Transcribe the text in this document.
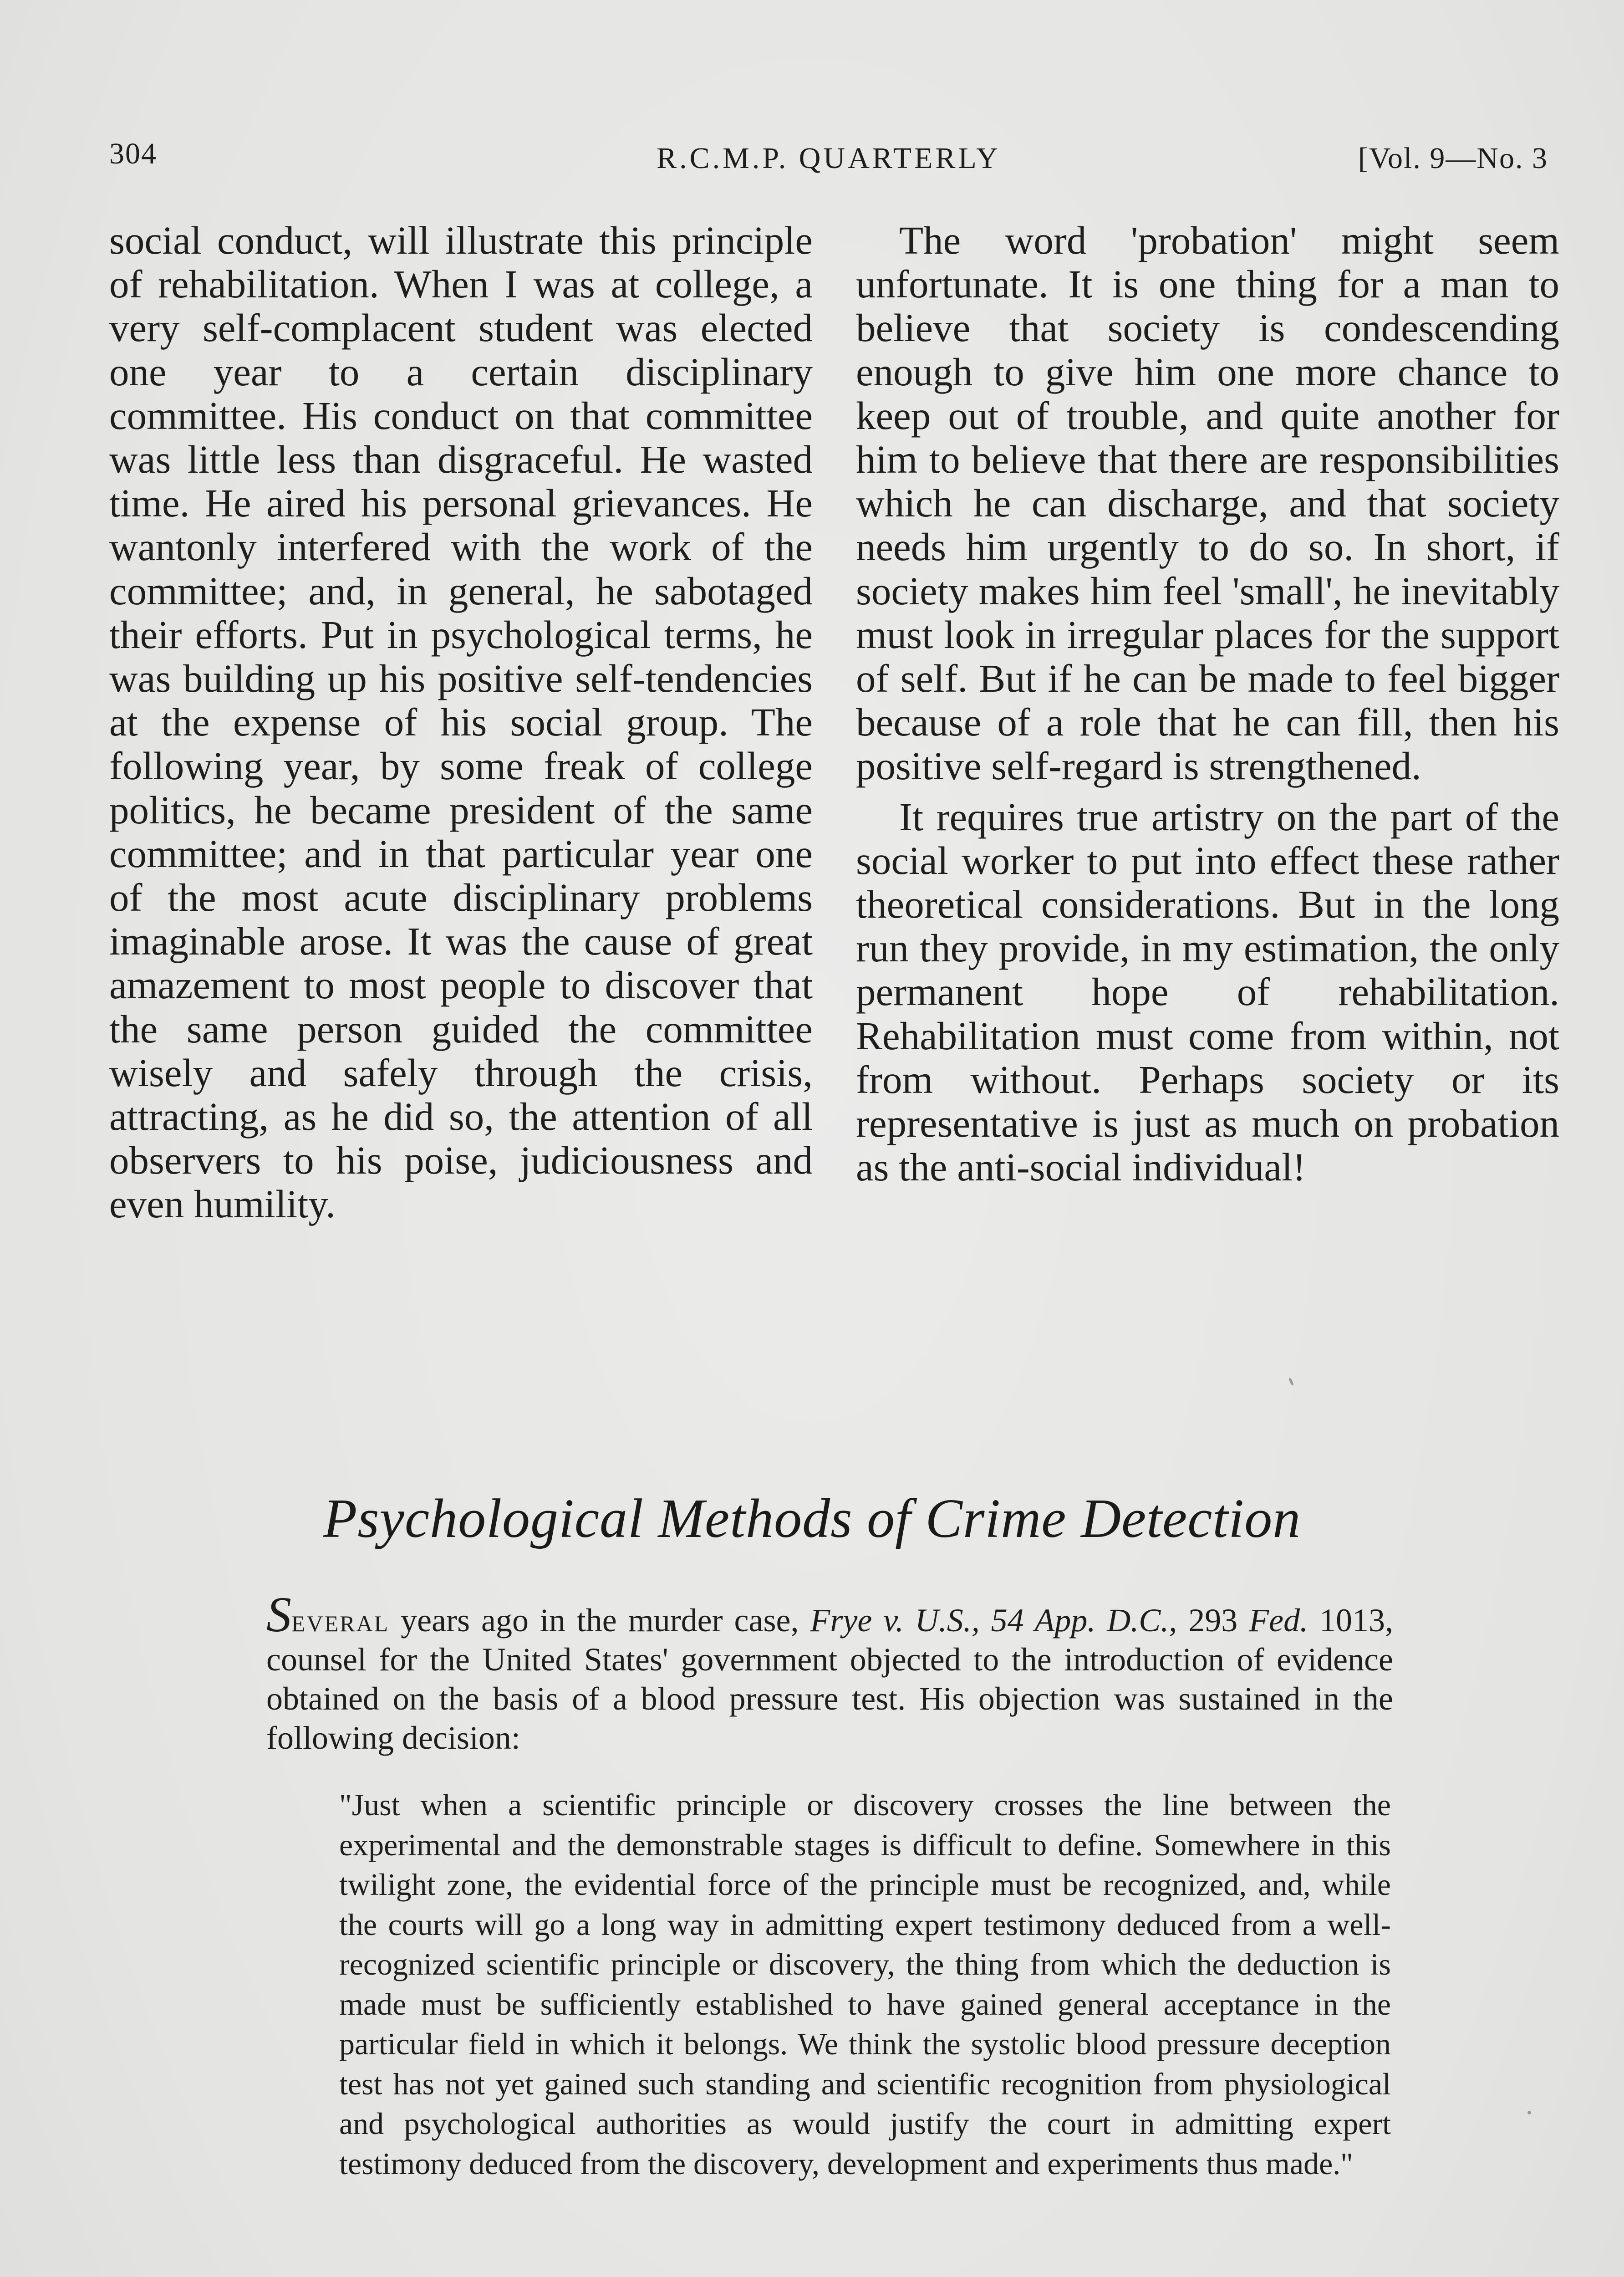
304	R.C.M.P. QUARTERLY	[Vol. 9—No. 3

social conduct, will illustrate this principle of rehabilitation. When I was at college, a very self-complacent student was elected one year to a certain disciplinary committee. His conduct on that committee was little less than disgraceful. He wasted time. He aired his personal grievances. He wantonly interfered with the work of the committee; and, in general, he sabotaged their efforts. Put in psychological terms, he was building up his positive self-tendencies at the expense of his social group. The following year, by some freak of college politics, he became president of the same committee; and in that particular year one of the most acute disciplinary problems imaginable arose. It was the cause of great amazement to most people to discover that the same person guided the committee wisely and safely through the crisis, attracting, as he did so, the attention of all observers to his poise, judiciousness and even humility.

The word 'probation' might seem unfortunate. It is one thing for a man to believe that society is condescending enough to give him one more chance to keep out of trouble, and quite another for him to believe that there are responsibilities which he can discharge, and that society needs him urgently to do so. In short, if society makes him feel 'small', he inevitably must look in irregular places for the support of self. But if he can be made to feel bigger because of a role that he can fill, then his positive self-regard is strengthened.

It requires true artistry on the part of the social worker to put into effect these rather theoretical considerations. But in the long run they provide, in my estimation, the only permanent hope of rehabilitation. Rehabilitation must come from within, not from without. Perhaps society or its representative is just as much on probation as the anti-social individual!

Psychological Methods of Crime Detection

Several years ago in the murder case, Frye v. U.S., 54 App. D.C., 293 Fed. 1013, counsel for the United States' government objected to the introduction of evidence obtained on the basis of a blood pressure test. His objection was sustained in the following decision:

"Just when a scientific principle or discovery crosses the line between the experimental and the demonstrable stages is difficult to define. Somewhere in this twilight zone, the evidential force of the principle must be recognized, and, while the courts will go a long way in admitting expert testimony deduced from a well-recognized scientific principle or discovery, the thing from which the deduction is made must be sufficiently established to have gained general acceptance in the particular field in which it belongs. We think the systolic blood pressure deception test has not yet gained such standing and scientific recognition from physiological and psychological authorities as would justify the court in admitting expert testimony deduced from the discovery, development and experiments thus made."
